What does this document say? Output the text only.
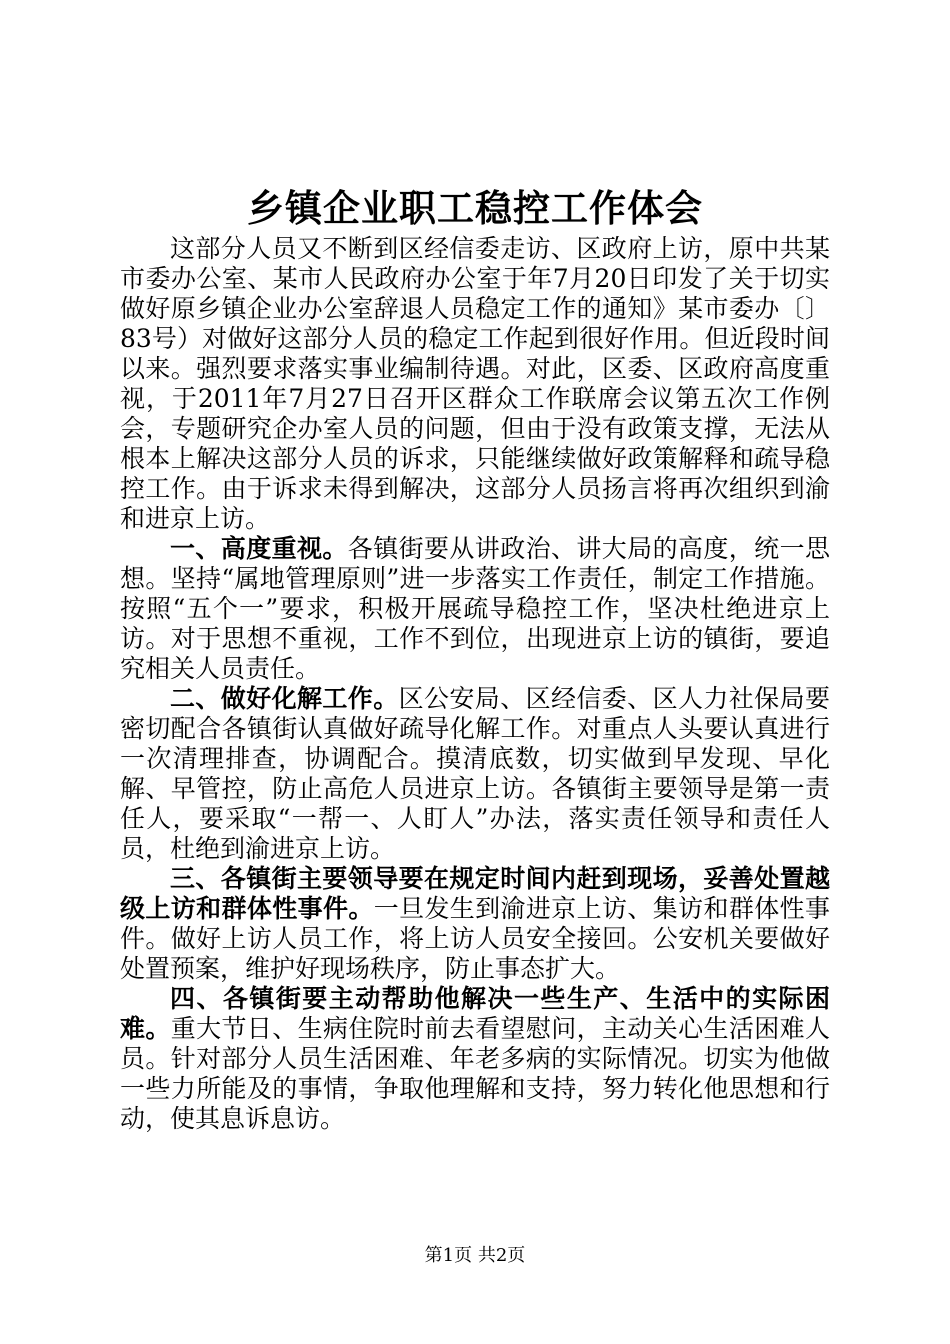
乡镇企业职工稳控工作体会

这部分人员又不断到区经信委走访、区政府上访，原中共某市委办公室、某市人民政府办公室于年7月20日印发了关于切实做好原乡镇企业办公室辞退人员稳定工作的通知》某市委办〔〕83号）对做好这部分人员的稳定工作起到很好作用。但近段时间以来。强烈要求落实事业编制待遇。对此，区委、区政府高度重视，于2011年7月27日召开区群众工作联席会议第五次工作例会，专题研究企办室人员的问题，但由于没有政策支撑，无法从根本上解决这部分人员的诉求，只能继续做好政策解释和疏导稳控工作。由于诉求未得到解决，这部分人员扬言将再次组织到渝和进京上访。

一、高度重视。各镇街要从讲政治、讲大局的高度，统一思想。坚持“属地管理原则”进一步落实工作责任，制定工作措施。按照“五个一”要求，积极开展疏导稳控工作，坚决杜绝进京上访。对于思想不重视，工作不到位，出现进京上访的镇街，要追究相关人员责任。

二、做好化解工作。区公安局、区经信委、区人力社保局要密切配合各镇街认真做好疏导化解工作。对重点人头要认真进行一次清理排查，协调配合。摸清底数，切实做到早发现、早化解、早管控，防止高危人员进京上访。各镇街主要领导是第一责任人，要采取“一帮一、人盯人”办法，落实责任领导和责任人员，杜绝到渝进京上访。

三、各镇街主要领导要在规定时间内赶到现场，妥善处置越级上访和群体性事件。一旦发生到渝进京上访、集访和群体性事件。做好上访人员工作，将上访人员安全接回。公安机关要做好处置预案，维护好现场秩序，防止事态扩大。

四、各镇街要主动帮助他解决一些生产、生活中的实际困难。重大节日、生病住院时前去看望慰问，主动关心生活困难人员。针对部分人员生活困难、年老多病的实际情况。切实为他做一些力所能及的事情，争取他理解和支持，努力转化他思想和行动，使其息诉息访。

第1页 共2页
